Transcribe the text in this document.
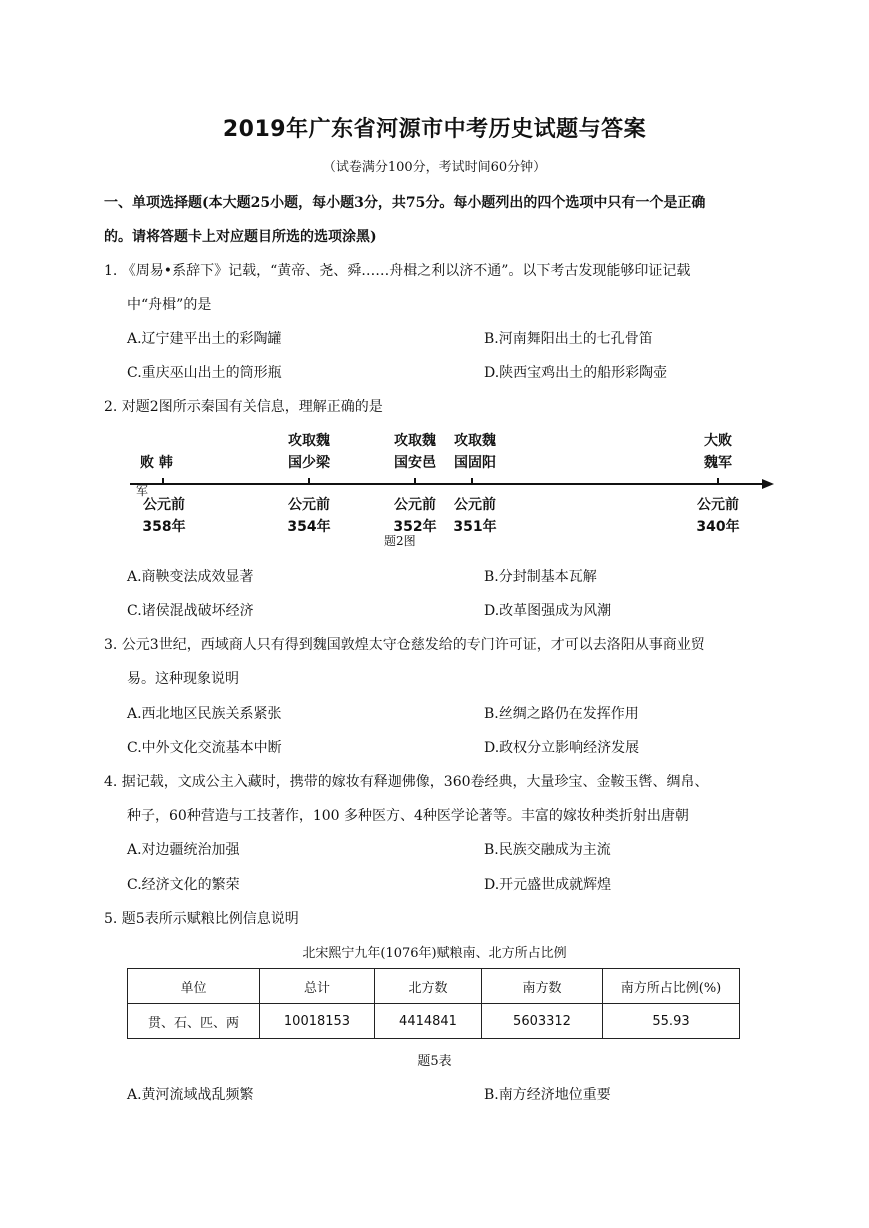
2019年广东省河源市中考历史试题与答案
（试卷满分100分，考试时间60分钟）
一、单项选择题(本大题25小题，每小题3分，共75分。每小题列出的四个选项中只有一个是正确
的。请将答题卡上对应题目所选的选项涂黑)
1. 《周易•系辞下》记载，“黄帝、尧、舜……舟楫之利以济不通”。以下考古发现能够印证记载
中“舟楫”的是
A.辽宁建平出土的彩陶罐	B.河南舞阳出土的七孔骨笛
C.重庆巫山出土的筒形瓶	D.陕西宝鸡出土的船形彩陶壶
2. 对题2图所示秦国有关信息，理解正确的是
败 韩
军
公元前
358年
攻取魏
国少梁
公元前
354年
攻取魏
国安邑
公元前
352年
攻取魏
国固阳
公元前
351年
大败
魏军
公元前
340年
题2图
A.商鞅变法成效显著	B.分封制基本瓦解
C.诸侯混战破坏经济	D.改革图强成为风潮
3. 公元3世纪，西域商人只有得到魏国敦煌太守仓慈发给的专门许可证，才可以去洛阳从事商业贸
易。这种现象说明
A.西北地区民族关系紧张	B.丝绸之路仍在发挥作用
C.中外文化交流基本中断	D.政权分立影响经济发展
4. 据记载，文成公主入藏时，携带的嫁妆有释迦佛像，360卷经典，大量珍宝、金鞍玉辔、绸帛、
种子，60种营造与工技著作，100 多种医方、4种医学论著等。丰富的嫁妆种类折射出唐朝
A.对边疆统治加强	B.民族交融成为主流
C.经济文化的繁荣	D.开元盛世成就辉煌
5. 题5表所示赋粮比例信息说明
北宋熙宁九年(1076年)赋粮南、北方所占比例
单位	总计	北方数	南方数	南方所占比例(%)
贯、石、匹、两	10018153	4414841	5603312	55.93
题5表
A.黄河流域战乱频繁	B.南方经济地位重要
